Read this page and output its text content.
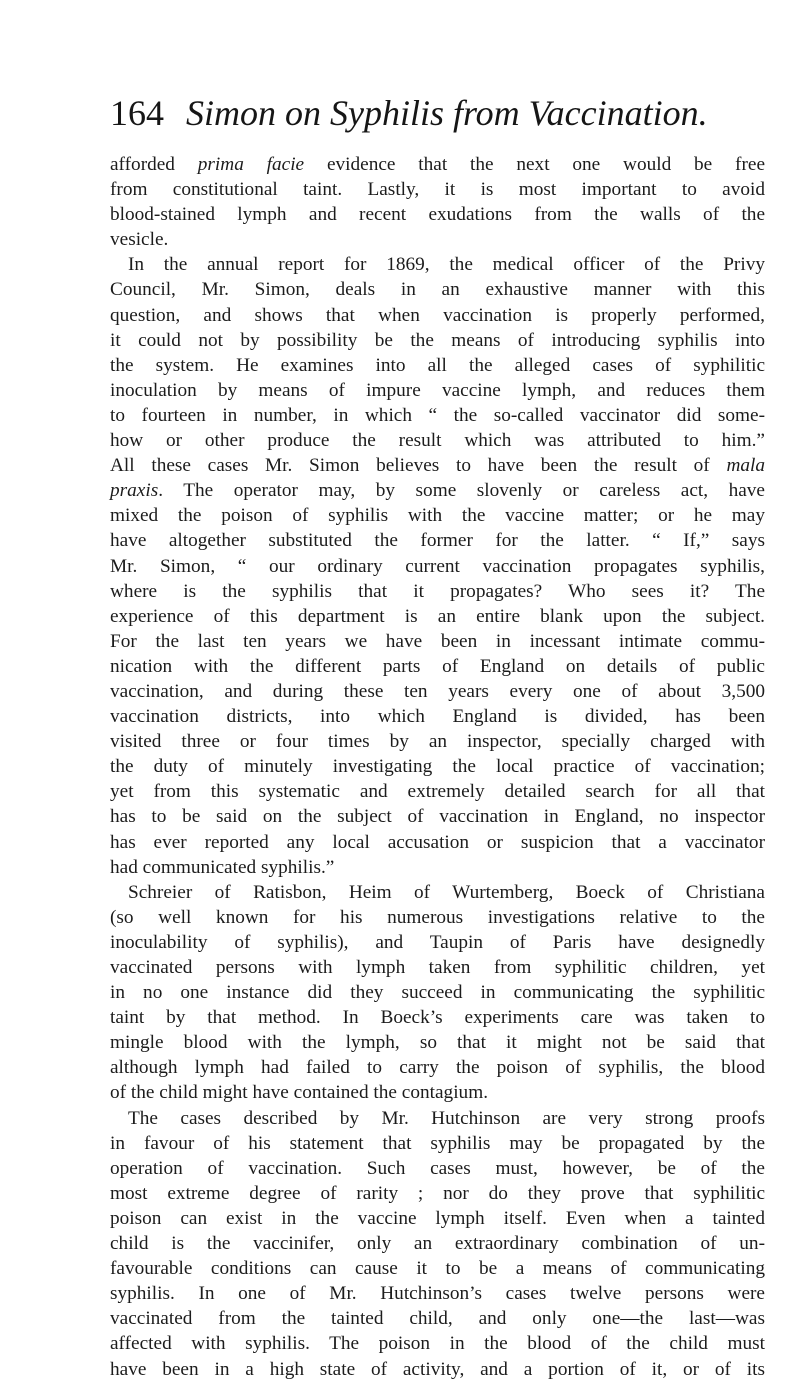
164 Simon on Syphilis from Vaccination.
afforded prima facie evidence that the next one would be free
from constitutional taint. Lastly, it is most important to avoid
blood-stained lymph and recent exudations from the walls of the
vesicle.
In the annual report for 1869, the medical officer of the Privy
Council, Mr. Simon, deals in an exhaustive manner with this
question, and shows that when vaccination is properly performed,
it could not by possibility be the means of introducing syphilis into
the system. He examines into all the alleged cases of syphilitic
inoculation by means of impure vaccine lymph, and reduces them
to fourteen in number, in which “ the so-called vaccinator did some-
how or other produce the result which was attributed to him.”
All these cases Mr. Simon believes to have been the result of mala
praxis. The operator may, by some slovenly or careless act, have
mixed the poison of syphilis with the vaccine matter; or he may
have altogether substituted the former for the latter. “ If,” says
Mr. Simon, “ our ordinary current vaccination propagates syphilis,
where is the syphilis that it propagates? Who sees it? The
experience of this department is an entire blank upon the subject.
For the last ten years we have been in incessant intimate commu-
nication with the different parts of England on details of public
vaccination, and during these ten years every one of about 3,500
vaccination districts, into which England is divided, has been
visited three or four times by an inspector, specially charged with
the duty of minutely investigating the local practice of vaccination;
yet from this systematic and extremely detailed search for all that
has to be said on the subject of vaccination in England, no inspector
has ever reported any local accusation or suspicion that a vaccinator
had communicated syphilis.”
Schreier of Ratisbon, Heim of Wurtemberg, Boeck of Christiana
(so well known for his numerous investigations relative to the
inoculability of syphilis), and Taupin of Paris have designedly
vaccinated persons with lymph taken from syphilitic children, yet
in no one instance did they succeed in communicating the syphilitic
taint by that method. In Boeck’s experiments care was taken to
mingle blood with the lymph, so that it might not be said that
although lymph had failed to carry the poison of syphilis, the blood
of the child might have contained the contagium.
The cases described by Mr. Hutchinson are very strong proofs
in favour of his statement that syphilis may be propagated by the
operation of vaccination. Such cases must, however, be of the
most extreme degree of rarity ; nor do they prove that syphilitic
poison can exist in the vaccine lymph itself. Even when a tainted
child is the vaccinifer, only an extraordinary combination of un-
favourable conditions can cause it to be a means of communicating
syphilis. In one of Mr. Hutchinson’s cases twelve persons were
vaccinated from the tainted child, and only one—the last—was
affected with syphilis. The poison in the blood of the child must
have been in a high state of activity, and a portion of it, or of its
